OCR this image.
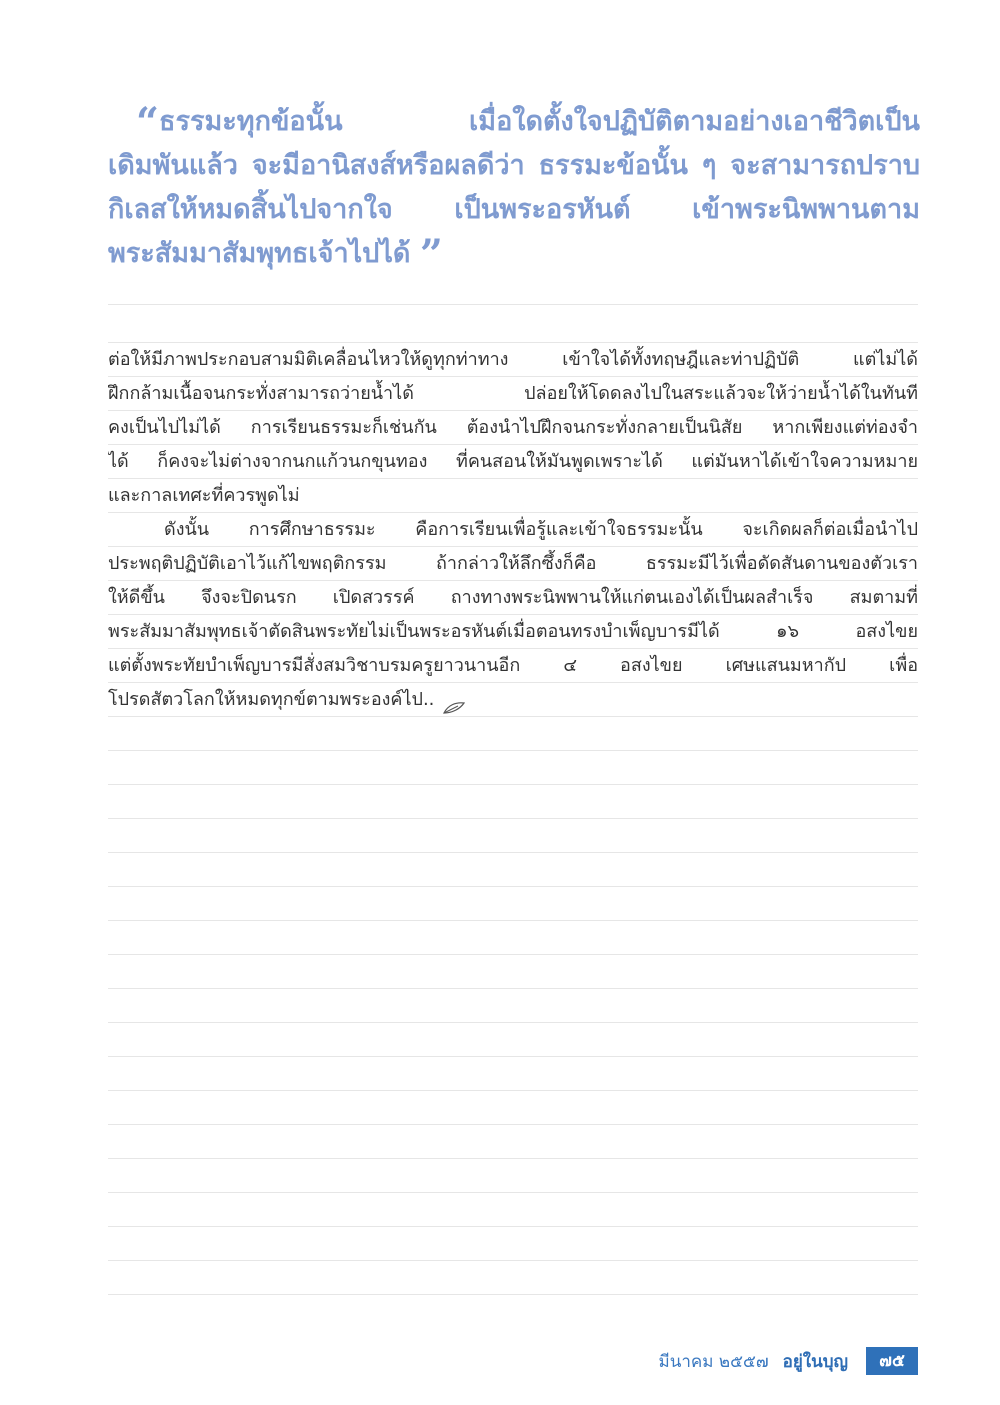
“ธรรมะทุกข้อนั้น เมื่อใดตั้งใจปฏิบัติตามอย่างเอาชีวิตเป็น
เดิมพันแล้ว จะมีอานิสงส์หรือผลดีว่า ธรรมะข้อนั้น ๆ จะสามารถปราบ
กิเลสให้หมดสิ้นไปจากใจ เป็นพระอรหันต์ เข้าพระนิพพานตาม
พระสัมมาสัมพุทธเจ้าไปได้ ”
ต่อให้มีภาพประกอบสามมิติเคลื่อนไหวให้ดูทุกท่าทาง เข้าใจได้ทั้งทฤษฎีและท่าปฏิบัติ แต่ไม่ได้
ฝึกกล้ามเนื้อจนกระทั่งสามารถว่ายน้ำได้ ปล่อยให้โดดลงไปในสระแล้วจะให้ว่ายน้ำได้ในทันที
คงเป็นไปไม่ได้ การเรียนธรรมะก็เช่นกัน ต้องนำไปฝึกจนกระทั่งกลายเป็นนิสัย หากเพียงแต่ท่องจำ
ได้ ก็คงจะไม่ต่างจากนกแก้วนกขุนทอง ที่คนสอนให้มันพูดเพราะได้ แต่มันหาได้เข้าใจความหมาย
และกาลเทศะที่ควรพูดไม่
ดังนั้น การศึกษาธรรมะ คือการเรียนเพื่อรู้และเข้าใจธรรมะนั้น จะเกิดผลก็ต่อเมื่อนำไป
ประพฤติปฏิบัติเอาไว้แก้ไขพฤติกรรม ถ้ากล่าวให้ลึกซึ้งก็คือ ธรรมะมีไว้เพื่อดัดสันดานของตัวเรา
ให้ดีขึ้น จึงจะปิดนรก เปิดสวรรค์ ถางทางพระนิพพานให้แก่ตนเองได้เป็นผลสำเร็จ สมตามที่
พระสัมมาสัมพุทธเจ้าตัดสินพระทัยไม่เป็นพระอรหันต์เมื่อตอนทรงบำเพ็ญบารมีได้ ๑๖ อสงไขย
แต่ตั้งพระทัยบำเพ็ญบารมีสั่งสมวิชาบรมครูยาวนานอีก ๔ อสงไขย เศษแสนมหากัป เพื่อ
โปรดสัตวโลกให้หมดทุกข์ตามพระองค์ไป..
มีนาคม ๒๕๕๗ อยู่ในบุญ	๗๕
